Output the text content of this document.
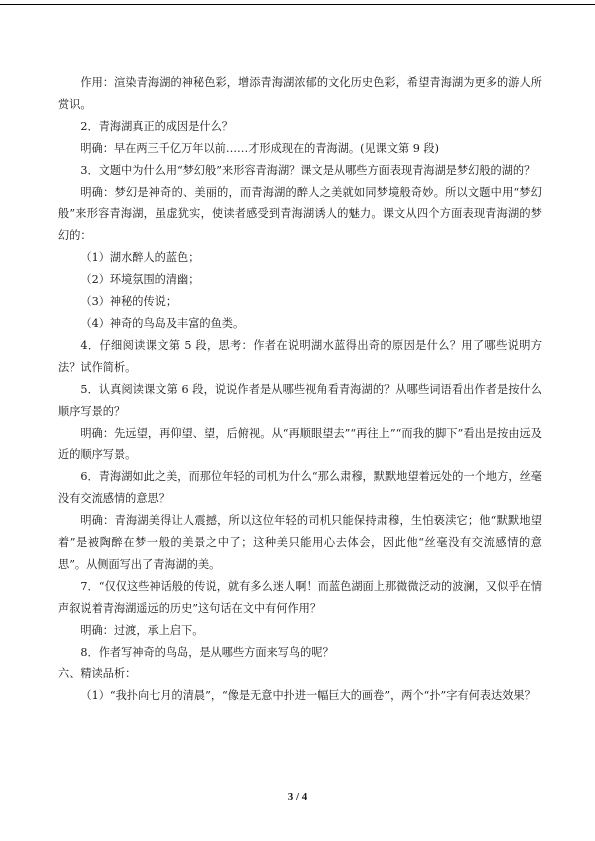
作用：渲染青海湖的神秘色彩，增添青海湖浓郁的文化历史色彩，希望青海湖为更多的游人所赏识。

2．青海湖真正的成因是什么？

明确：早在两三千亿万年以前……才形成现在的青海湖。(见课文第 9 段)

3．文题中为什么用“梦幻般”来形容青海湖？课文是从哪些方面表现青海湖是梦幻般的湖的？

明确：梦幻是神奇的、美丽的，而青海湖的醉人之美就如同梦境般奇妙。所以文题中用“梦幻般”来形容青海湖，虽虚犹实，使读者感受到青海湖诱人的魅力。课文从四个方面表现青海湖的梦幻的：

（1）湖水醉人的蓝色；

（2）环境氛围的清幽；

（3）神秘的传说；

（4）神奇的鸟岛及丰富的鱼类。

4．仔细阅读课文第 5 段，思考：作者在说明湖水蓝得出奇的原因是什么？用了哪些说明方法？试作简析。

5．认真阅读课文第 6 段，说说作者是从哪些视角看青海湖的？从哪些词语看出作者是按什么顺序写景的？

明确：先远望，再仰望、望，后俯视。从“再顺眼望去”“再往上”“而我的脚下”看出是按由远及近的顺序写景。

6．青海湖如此之美，而那位年轻的司机为什么“那么肃穆，默默地望着远处的一个地方，丝毫没有交流感情的意思？

明确：青海湖美得让人震撼，所以这位年轻的司机只能保持肃穆，生怕亵渎它；他“默默地望着”是被陶醉在梦一般的美景之中了；这种美只能用心去体会，因此他“丝毫没有交流感情的意思”。从侧面写出了青海湖的美。

7．“仅仅这些神话般的传说，就有多么迷人啊！而蓝色湖面上那微微泛动的波澜，又似乎在情声叙说着青海湖遥远的历史”这句话在文中有何作用？

明确：过渡，承上启下。

8．作者写神奇的鸟岛，是从哪些方面来写鸟的呢？

六、精读品析：

（1）“我扑向七月的清晨”，“像是无意中扑进一幅巨大的画卷”，两个“扑”字有何表达效果？

3 / 4
